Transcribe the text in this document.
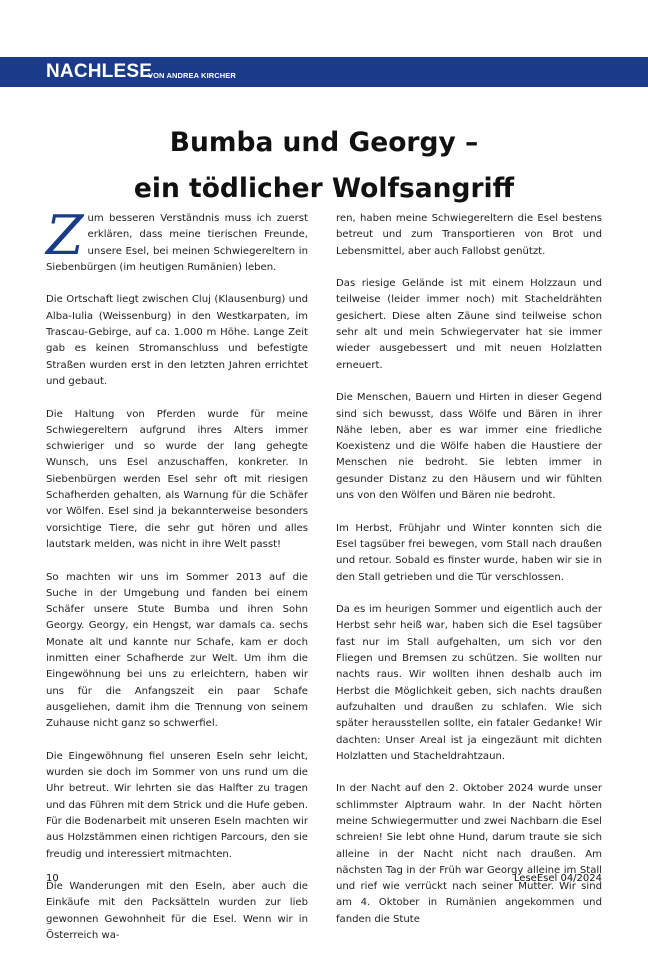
NACHLESE
VON ANDREA KIRCHER
Bumba und Georgy –
ein tödlicher Wolfsangriff

Zum besseren Verständnis muss ich zuerst erklären, dass meine tierischen Freunde, unsere Esel, bei meinen Schwiegereltern in Siebenbürgen (im heutigen Rumänien) leben.

Die Ortschaft liegt zwischen Cluj (Klausenburg) und Alba-Iulia (Weissenburg) in den Westkarpaten, im Trascau-Gebirge, auf ca. 1.000 m Höhe. Lange Zeit gab es keinen Stromanschluss und befestigte Straßen wurden erst in den letzten Jahren errichtet und gebaut.

Die Haltung von Pferden wurde für meine Schwiegereltern aufgrund ihres Alters immer schwieriger und so wurde der lang gehegte Wunsch, uns Esel anzuschaffen, konkreter. In Siebenbürgen werden Esel sehr oft mit riesigen Schafherden gehalten, als Warnung für die Schäfer vor Wölfen. Esel sind ja bekannterweise besonders vorsichtige Tiere, die sehr gut hören und alles lautstark melden, was nicht in ihre Welt passt!

So machten wir uns im Sommer 2013 auf die Suche in der Umgebung und fanden bei einem Schäfer unsere Stute Bumba und ihren Sohn Georgy. Georgy, ein Hengst, war damals ca. sechs Monate alt und kannte nur Schafe, kam er doch inmitten einer Schafherde zur Welt. Um ihm die Eingewöhnung bei uns zu erleichtern, haben wir uns für die Anfangszeit ein paar Schafe ausgeliehen, damit ihm die Trennung von seinem Zuhause nicht ganz so schwerfiel.

Die Eingewöhnung fiel unseren Eseln sehr leicht, wurden sie doch im Sommer von uns rund um die Uhr betreut. Wir lehrten sie das Halfter zu tragen und das Führen mit dem Strick und die Hufe geben. Für die Bodenarbeit mit unseren Eseln machten wir aus Holzstämmen einen richtigen Parcours, den sie freudig und interessiert mitmachten.

Die Wanderungen mit den Eseln, aber auch die Einkäufe mit den Packsätteln wurden zur lieb gewonnen Gewohnheit für die Esel. Wenn wir in Österreich wa-

ren, haben meine Schwiegereltern die Esel bestens betreut und zum Transportieren von Brot und Lebensmittel, aber auch Fallobst genützt.

Das riesige Gelände ist mit einem Holzzaun und teilweise (leider immer noch) mit Stacheldrähten gesichert. Diese alten Zäune sind teilweise schon sehr alt und mein Schwiegervater hat sie immer wieder ausgebessert und mit neuen Holzlatten erneuert.

Die Menschen, Bauern und Hirten in dieser Gegend sind sich bewusst, dass Wölfe und Bären in ihrer Nähe leben, aber es war immer eine friedliche Koexistenz und die Wölfe haben die Haustiere der Menschen nie bedroht. Sie lebten immer in gesunder Distanz zu den Häusern und wir fühlten uns von den Wölfen und Bären nie bedroht.

Im Herbst, Frühjahr und Winter konnten sich die Esel tagsüber frei bewegen, vom Stall nach draußen und retour. Sobald es finster wurde, haben wir sie in den Stall getrieben und die Tür verschlossen.

Da es im heurigen Sommer und eigentlich auch der Herbst sehr heiß war, haben sich die Esel tagsüber fast nur im Stall aufgehalten, um sich vor den Fliegen und Bremsen zu schützen. Sie wollten nur nachts raus. Wir wollten ihnen deshalb auch im Herbst die Möglichkeit geben, sich nachts draußen aufzuhalten und draußen zu schlafen. Wie sich später herausstellen sollte, ein fataler Gedanke! Wir dachten: Unser Areal ist ja eingezäunt mit dichten Holzlatten und Stacheldrahtzaun.

In der Nacht auf den 2. Oktober 2024 wurde unser schlimmster Alptraum wahr. In der Nacht hörten meine Schwiegermutter und zwei Nachbarn die Esel schreien! Sie lebt ohne Hund, darum traute sie sich alleine in der Nacht nicht nach draußen. Am nächsten Tag in der Früh war Georgy alleine im Stall und rief wie verrückt nach seiner Mutter. Wir sind am 4. Oktober in Rumänien angekommen und fanden die Stute

10	LeseEsel 04/2024
